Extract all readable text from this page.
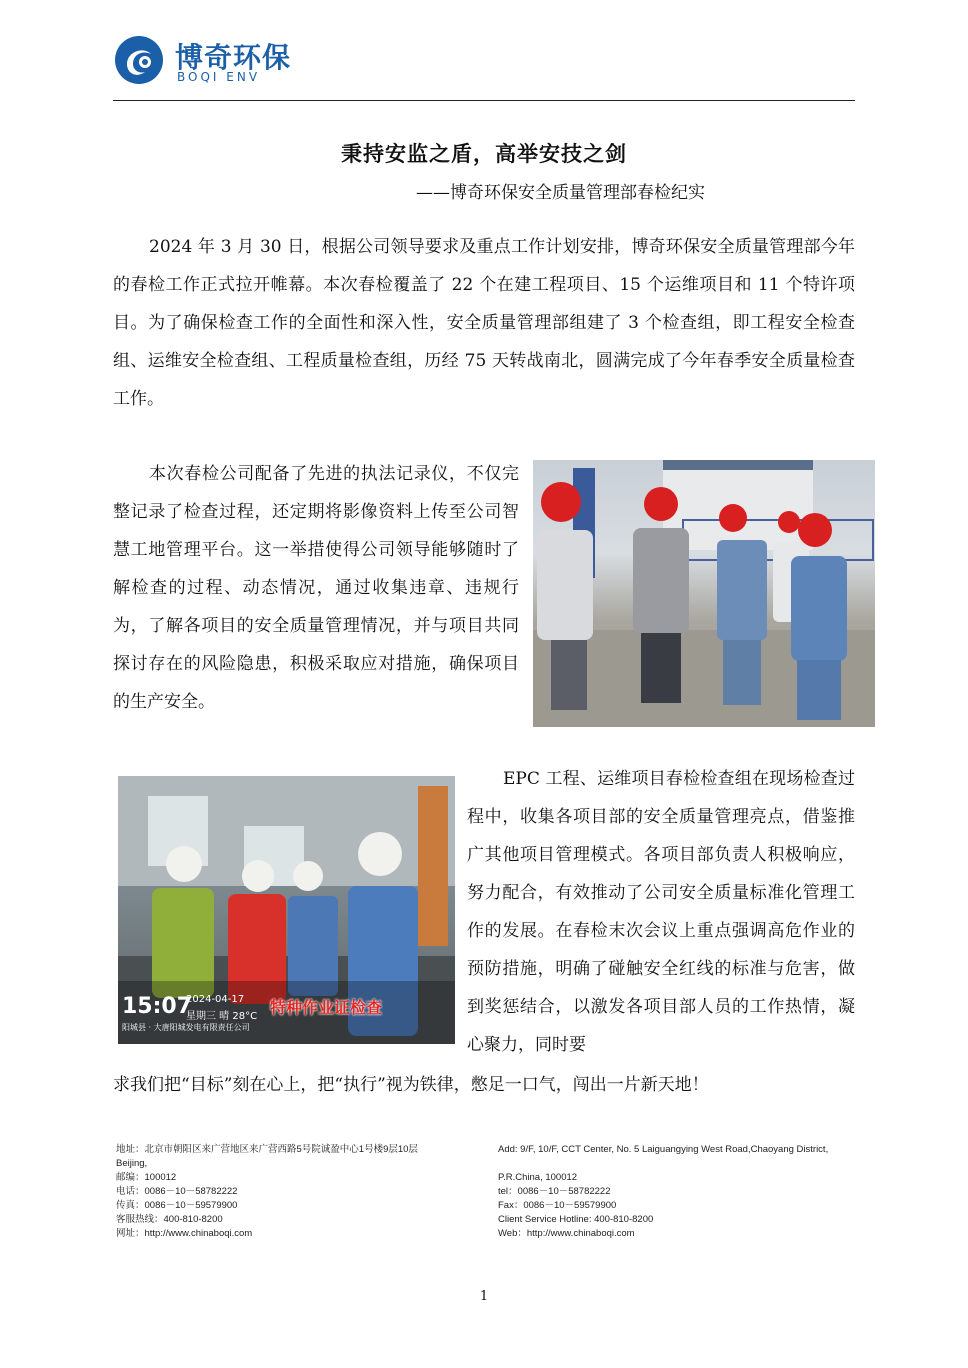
博奇环保
BOQI ENV
秉持安监之盾，高举安技之剑
——博奇环保安全质量管理部春检纪实

2024 年 3 月 30 日，根据公司领导要求及重点工作计划安排，博奇环保安全质量管理部今年的春检工作正式拉开帷幕。本次春检覆盖了 22 个在建工程项目、15 个运维项目和 11 个特许项目。为了确保检查工作的全面性和深入性，安全质量管理部组建了 3 个检查组，即工程安全检查组、运维安全检查组、工程质量检查组，历经 75 天转战南北，圆满完成了今年春季安全质量检查工作。

本次春检公司配备了先进的执法记录仪，不仅完整记录了检查过程，还定期将影像资料上传至公司智慧工地管理平台。这一举措使得公司领导能够随时了解检查的过程、动态情况，通过收集违章、违规行为，了解各项目的安全质量管理情况，并与项目共同探讨存在的风险隐患，积极采取应对措施，确保项目的生产安全。

15:07
2024-04-17
星期三 晴 28°C
阳城县 · 大唐阳城发电有限责任公司
特种作业证检查

EPC 工程、运维项目春检检查组在现场检查过程中，收集各项目部的安全质量管理亮点，借鉴推广其他项目管理模式。各项目部负责人积极响应，努力配合，有效推动了公司安全质量标准化管理工作的发展。在春检末次会议上重点强调高危作业的预防措施，明确了碰触安全红线的标准与危害，做到奖惩结合，以激发各项目部人员的工作热情，凝心聚力，同时要

求我们把“目标”刻在心上，把“执行”视为铁律，憋足一口气，闯出一片新天地！

地址：北京市朝阳区来广营地区来广营西路5号院诚盈中心1号楼9层10层
Beijing,
邮编：100012
电话：0086－10－58782222
传真：0086－10－59579900
客服热线：400-810-8200
网址：http://www.chinaboqi.com
Add: 9/F, 10/F, CCT Center, No. 5 Laiguangying West Road,Chaoyang District,

P.R.China, 100012
tel：0086－10－58782222
Fax：0086－10－59579900
Client Service Hotline: 400-810-8200
Web：http://www.chinaboqi.com
1
